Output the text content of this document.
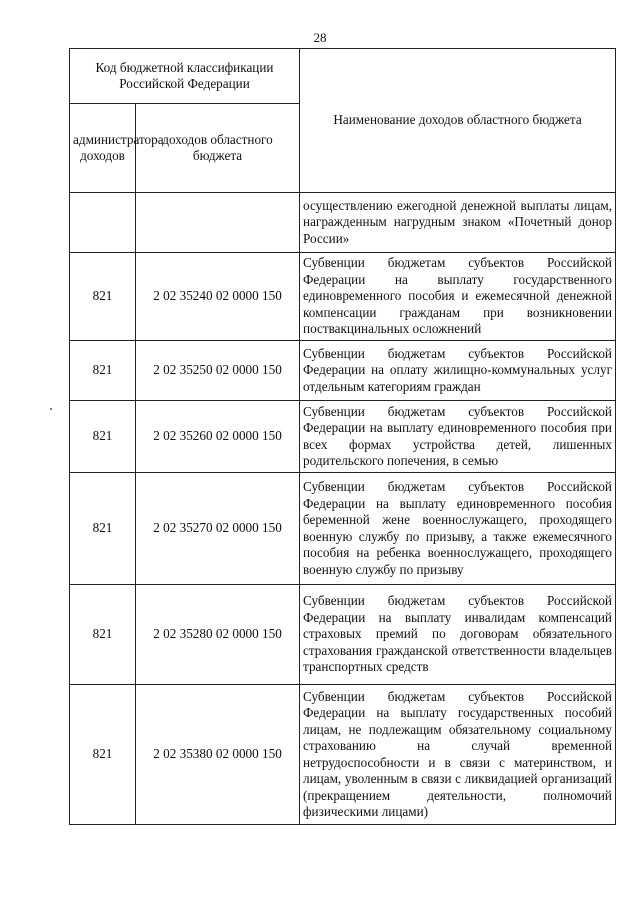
28
Код бюджетной классификации Российской Федерации		Наименование доходов областного бюджета
администратора доходов	доходов областного бюджета	
		осуществлению ежегодной денежной выплаты лицам, награжденным нагрудным знаком «Почетный донор России»
821	2 02 35240 02 0000 150	Субвенции бюджетам субъектов Российской Федерации на выплату государственного единовременного пособия и ежемесячной денежной компенсации гражданам при возникновении поствакцинальных осложнений
821	2 02 35250 02 0000 150	Субвенции бюджетам субъектов Российской Федерации на оплату жилищно-коммунальных услуг отдельным категориям граждан
821	2 02 35260 02 0000 150	Субвенции бюджетам субъектов Российской Федерации на выплату единовременного пособия при всех формах устройства детей, лишенных родительского попечения, в семью
821	2 02 35270 02 0000 150	Субвенции бюджетам субъектов Российской Федерации на выплату единовременного пособия беременной жене военнослужащего, проходящего военную службу по призыву, а также ежемесячного пособия на ребенка военнослужащего, проходящего военную службу по призыву
821	2 02 35280 02 0000 150	Субвенции бюджетам субъектов Российской Федерации на выплату инвалидам компенсаций страховых премий по договорам обязательного страхования гражданской ответственности владельцев транспортных средств
821	2 02 35380 02 0000 150	Субвенции бюджетам субъектов Российской Федерации на выплату государственных пособий лицам, не подлежащим обязательному социальному страхованию на случай временной нетрудоспособности и в связи с материнством, и лицам, уволенным в связи с ликвидацией организаций (прекращением деятельности, полномочий физическими лицами)
